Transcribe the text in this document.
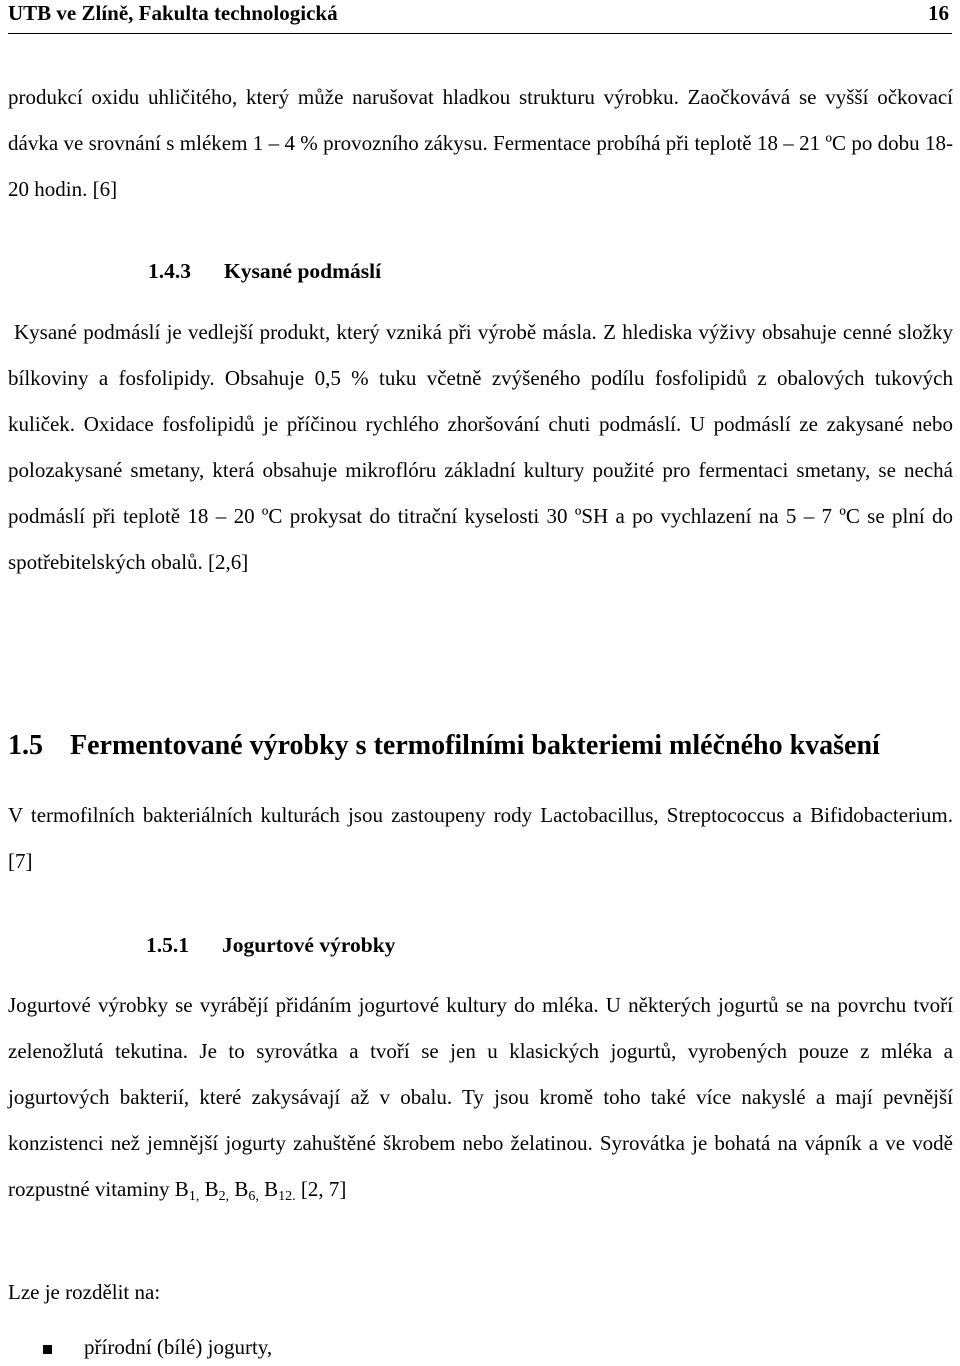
UTB ve Zlíně, Fakulta technologická	16
produkcí oxidu uhličitého, který může narušovat hladkou strukturu výrobku. Zaočkovává se vyšší očkovací dávka ve srovnání s mlékem 1 – 4 % provozního zákysu. Fermentace probíhá při teplotě 18 – 21 ºC po dobu 18- 20 hodin. [6]
1.4.3 Kysané podmáslí
Kysané podmáslí je vedlejší produkt, který vzniká při výrobě másla. Z hlediska výživy obsahuje cenné složky bílkoviny a fosfolipidy. Obsahuje 0,5 % tuku včetně zvýšeného podílu fosfolipidů z obalových tukových kuliček. Oxidace fosfolipidů je příčinou rychlého zhoršování chuti podmáslí. U podmáslí ze zakysané nebo polozakysané smetany, která obsahuje mikroflóru základní kultury použité pro fermentaci smetany, se nechá podmáslí při teplotě 18 – 20 ºC prokysat do titrační kyselosti 30 ºSH a po vychlazení na 5 – 7 ºC se plní do spotřebitelských obalů. [2,6]
1.5 Fermentované výrobky s termofilními bakteriemi mléčného kvašení
V termofilních bakteriálních kulturách jsou zastoupeny rody Lactobacillus, Streptococcus a Bifidobacterium. [7]
1.5.1 Jogurtové výrobky
Jogurtové výrobky se vyrábějí přidáním jogurtové kultury do mléka. U některých jogurtů se na povrchu tvoří zelenožlutá tekutina. Je to syrovátka a tvoří se jen u klasických jogurtů, vyrobených pouze z mléka a jogurtových bakterií, které zakysávají až v obalu. Ty jsou kromě toho také více nakyslé a mají pevnější konzistenci než jemnější jogurty zahuštěné škrobem nebo želatinou. Syrovátka je bohatá na vápník a ve vodě rozpustné vitaminy $B_{1,}$ $B_{2,}$ $B_{6,}$ $B_{12.}$ [2, 7]
Lze je rozdělit na:
přírodní (bílé) jogurty,
